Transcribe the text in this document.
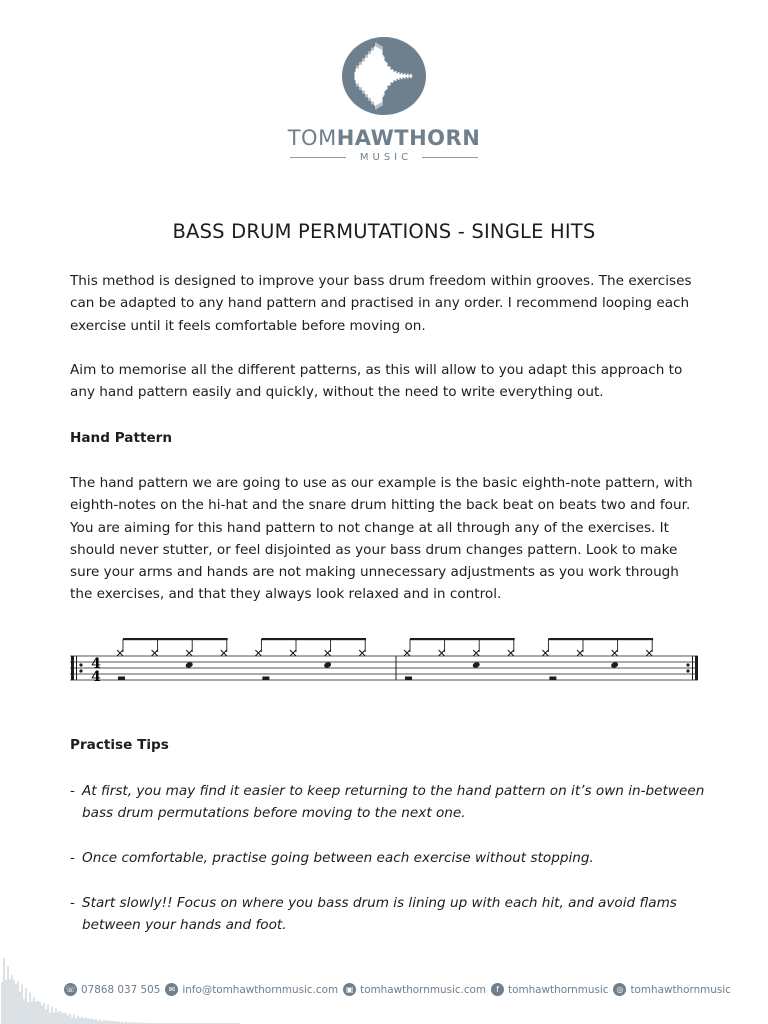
TOMHAWTHORN
MUSIC
BASS DRUM PERMUTATIONS - SINGLE HITS

This method is designed to improve your bass drum freedom within grooves. The exercises can be adapted to any hand pattern and practised in any order. I recommend looping each exercise until it feels comfortable before moving on.

Aim to memorise all the different patterns, as this will allow to you adapt this approach to any hand pattern easily and quickly, without the need to write everything out.

Hand Pattern

The hand pattern we are going to use as our example is the basic eighth-note pattern, with eighth-notes on the hi-hat and the snare drum hitting the back beat on beats two and four. You are aiming for this hand pattern to not change at all through any of the exercises. It should never stutter, or feel disjointed as your bass drum changes pattern. Look to make sure your arms and hands are not making unnecessary adjustments as you work through the exercises, and that they always look relaxed and in control.

4
4

Practise Tips

- At first, you may find it easier to keep returning to the hand pattern on it’s own in-between bass drum permutations before moving to the next one.
- Once comfortable, practise going between each exercise without stopping.
- Start slowly!! Focus on where you bass drum is lining up with each hit, and avoid flams between your hands and foot.
☏ 07868 037 505	✉ info@tomhawthornmusic.com ▣ tomhawthornmusic.com	f tomhawthornmusic	◎ tomhawthornmusic
